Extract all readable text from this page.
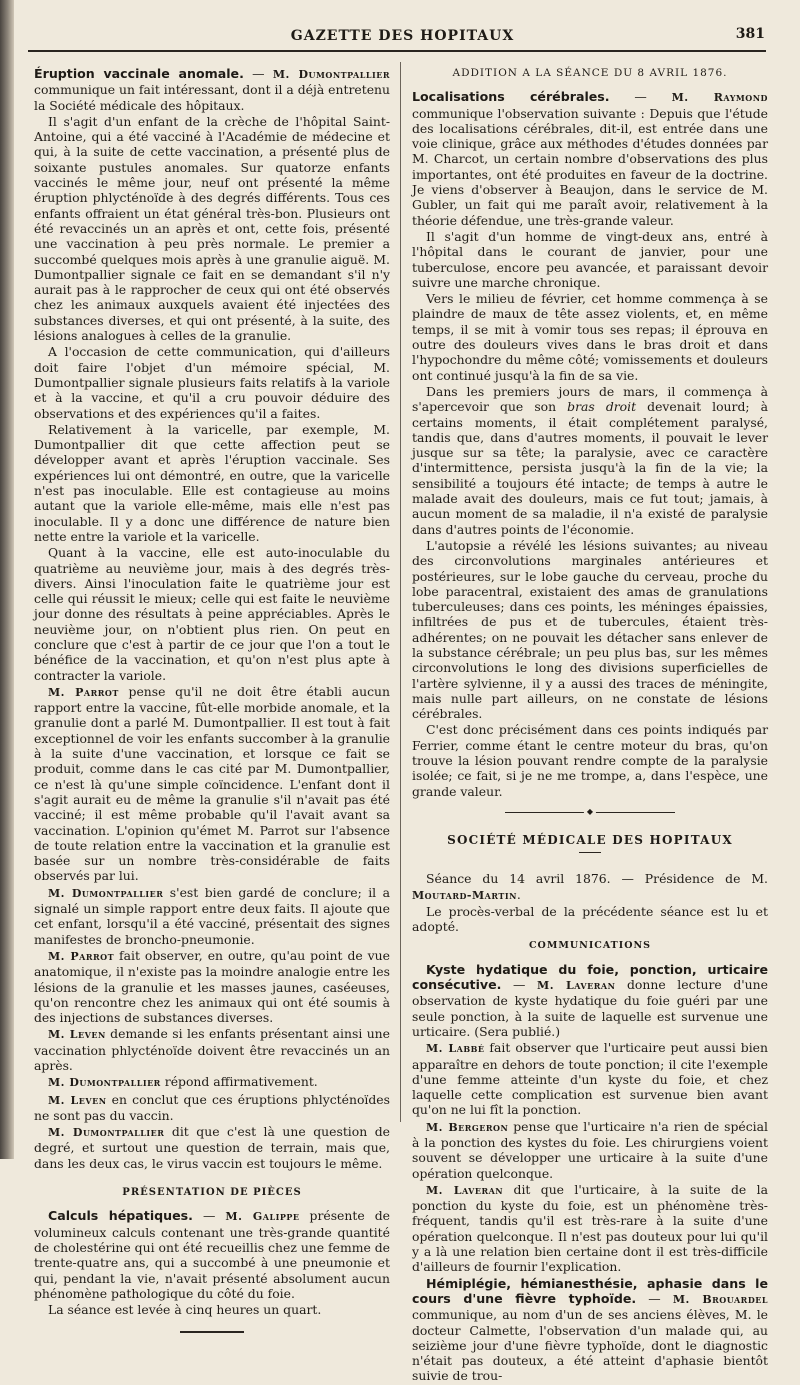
GAZETTE DES HOPITAUX	381

Éruption vaccinale anomale. — M. Dumontpallier communique un fait intéressant, dont il a déjà entretenu la Société médicale des hôpitaux.

Il s'agit d'un enfant de la crèche de l'hôpital Saint-Antoine, qui a été vacciné à l'Académie de médecine et qui, à la suite de cette vaccination, a présenté plus de soixante pustules anomales. Sur quatorze enfants vaccinés le même jour, neuf ont présenté la même éruption phlycténoïde à des degrés différents. Tous ces enfants offraient un état général très-bon. Plusieurs ont été revaccinés un an après et ont, cette fois, présenté une vaccination à peu près normale. Le premier a succombé quelques mois après à une granulie aiguë. M. Dumontpallier signale ce fait en se demandant s'il n'y aurait pas à le rapprocher de ceux qui ont été observés chez les animaux auxquels avaient été injectées des substances diverses, et qui ont présenté, à la suite, des lésions analogues à celles de la granulie.

A l'occasion de cette communication, qui d'ailleurs doit faire l'objet d'un mémoire spécial, M. Dumontpallier signale plusieurs faits relatifs à la variole et à la vaccine, et qu'il a cru pouvoir déduire des observations et des expériences qu'il a faites.

Relativement à la varicelle, par exemple, M. Dumontpallier dit que cette affection peut se développer avant et après l'éruption vaccinale. Ses expériences lui ont démontré, en outre, que la varicelle n'est pas inoculable. Elle est contagieuse au moins autant que la variole elle-même, mais elle n'est pas inoculable. Il y a donc une différence de nature bien nette entre la variole et la varicelle.

Quant à la vaccine, elle est auto-inoculable du quatrième au neuvième jour, mais à des degrés très-divers. Ainsi l'inoculation faite le quatrième jour est celle qui réussit le mieux; celle qui est faite le neuvième jour donne des résultats à peine appréciables. Après le neuvième jour, on n'obtient plus rien. On peut en conclure que c'est à partir de ce jour que l'on a tout le bénéfice de la vaccination, et qu'on n'est plus apte à contracter la variole.

M. Parrot pense qu'il ne doit être établi aucun rapport entre la vaccine, fût-elle morbide anomale, et la granulie dont a parlé M. Dumontpallier. Il est tout à fait exceptionnel de voir les enfants succomber à la granulie à la suite d'une vaccination, et lorsque ce fait se produit, comme dans le cas cité par M. Dumontpallier, ce n'est là qu'une simple coïncidence. L'enfant dont il s'agit aurait eu de même la granulie s'il n'avait pas été vacciné; il est même probable qu'il l'avait avant sa vaccination. L'opinion qu'émet M. Parrot sur l'absence de toute relation entre la vaccination et la granulie est basée sur un nombre très-considérable de faits observés par lui.

M. Dumontpallier s'est bien gardé de conclure; il a signalé un simple rapport entre deux faits. Il ajoute que cet enfant, lorsqu'il a été vacciné, présentait des signes manifestes de broncho-pneumonie.

M. Parrot fait observer, en outre, qu'au point de vue anatomique, il n'existe pas la moindre analogie entre les lésions de la granulie et les masses jaunes, caséeuses, qu'on rencontre chez les animaux qui ont été soumis à des injections de substances diverses.

M. Leven demande si les enfants présentant ainsi une vaccination phlycténoïde doivent être revaccinés un an après.

M. Dumontpallier répond affirmativement.

M. Leven en conclut que ces éruptions phlycténoïdes ne sont pas du vaccin.

M. Dumontpallier dit que c'est là une question de degré, et surtout une question de terrain, mais que, dans les deux cas, le virus vaccin est toujours le même.

PRÉSENTATION DE PIÈCES

Calculs hépatiques. — M. Galippe présente de volumineux calculs contenant une très-grande quantité de cholestérine qui ont été recueillis chez une femme de trente-quatre ans, qui a succombé à une pneumonie et qui, pendant la vie, n'avait présenté absolument aucun phénomène pathologique du côté du foie.

La séance est levée à cinq heures un quart.

ADDITION A LA SÉANCE DU 8 AVRIL 1876.

Localisations cérébrales. — M. Raymond communique l'observation suivante : Depuis que l'étude des localisations cérébrales, dit-il, est entrée dans une voie clinique, grâce aux méthodes d'études données par M. Charcot, un certain nombre d'observations des plus importantes, ont été produites en faveur de la doctrine. Je viens d'observer à Beaujon, dans le service de M. Gubler, un fait qui me paraît avoir, relativement à la théorie défendue, une très-grande valeur.

Il s'agit d'un homme de vingt-deux ans, entré à l'hôpital dans le courant de janvier, pour une tuberculose, encore peu avancée, et paraissant devoir suivre une marche chronique.

Vers le milieu de février, cet homme commença à se plaindre de maux de tête assez violents, et, en même temps, il se mit à vomir tous ses repas; il éprouva en outre des douleurs vives dans le bras droit et dans l'hypochondre du même côté; vomissements et douleurs ont continué jusqu'à la fin de sa vie.

Dans les premiers jours de mars, il commença à s'apercevoir que son bras droit devenait lourd; à certains moments, il était complétement paralysé, tandis que, dans d'autres moments, il pouvait le lever jusque sur sa tête; la paralysie, avec ce caractère d'intermittence, persista jusqu'à la fin de la vie; la sensibilité a toujours été intacte; de temps à autre le malade avait des douleurs, mais ce fut tout; jamais, à aucun moment de sa maladie, il n'a existé de paralysie dans d'autres points de l'économie.

L'autopsie a révélé les lésions suivantes; au niveau des circonvolutions marginales antérieures et postérieures, sur le lobe gauche du cerveau, proche du lobe paracentral, existaient des amas de granulations tuberculeuses; dans ces points, les méninges épaissies, infiltrées de pus et de tubercules, étaient très-adhérentes; on ne pouvait les détacher sans enlever de la substance cérébrale; un peu plus bas, sur les mêmes circonvolutions le long des divisions superficielles de l'artère sylvienne, il y a aussi des traces de méningite, mais nulle part ailleurs, on ne constate de lésions cérébrales.

C'est donc précisément dans ces points indiqués par Ferrier, comme étant le centre moteur du bras, qu'on trouve la lésion pouvant rendre compte de la paralysie isolée; ce fait, si je ne me trompe, a, dans l'espèce, une grande valeur.

◆
SOCIÉTÉ MÉDICALE DES HOPITAUX

Séance du 14 avril 1876. — Présidence de M. Moutard-Martin.

Le procès-verbal de la précédente séance est lu et adopté.

COMMUNICATIONS

Kyste hydatique du foie, ponction, urticaire consécutive. — M. Laveran donne lecture d'une observation de kyste hydatique du foie guéri par une seule ponction, à la suite de laquelle est survenue une urticaire. (Sera publié.)

M. Labbé fait observer que l'urticaire peut aussi bien apparaître en dehors de toute ponction; il cite l'exemple d'une femme atteinte d'un kyste du foie, et chez laquelle cette complication est survenue bien avant qu'on ne lui fît la ponction.

M. Bergeron pense que l'urticaire n'a rien de spécial à la ponction des kystes du foie. Les chirurgiens voient souvent se développer une urticaire à la suite d'une opération quelconque.

M. Laveran dit que l'urticaire, à la suite de la ponction du kyste du foie, est un phénomène très-fréquent, tandis qu'il est très-rare à la suite d'une opération quelconque. Il n'est pas douteux pour lui qu'il y a là une relation bien certaine dont il est très-difficile d'ailleurs de fournir l'explication.

Hémiplégie, hémianesthésie, aphasie dans le cours d'une fièvre typhoïde. — M. Brouardel communique, au nom d'un de ses anciens élèves, M. le docteur Calmette, l'observation d'un malade qui, au seizième jour d'une fièvre typhoïde, dont le diagnostic n'était pas douteux, a été atteint d'aphasie bientôt suivie de trou-
